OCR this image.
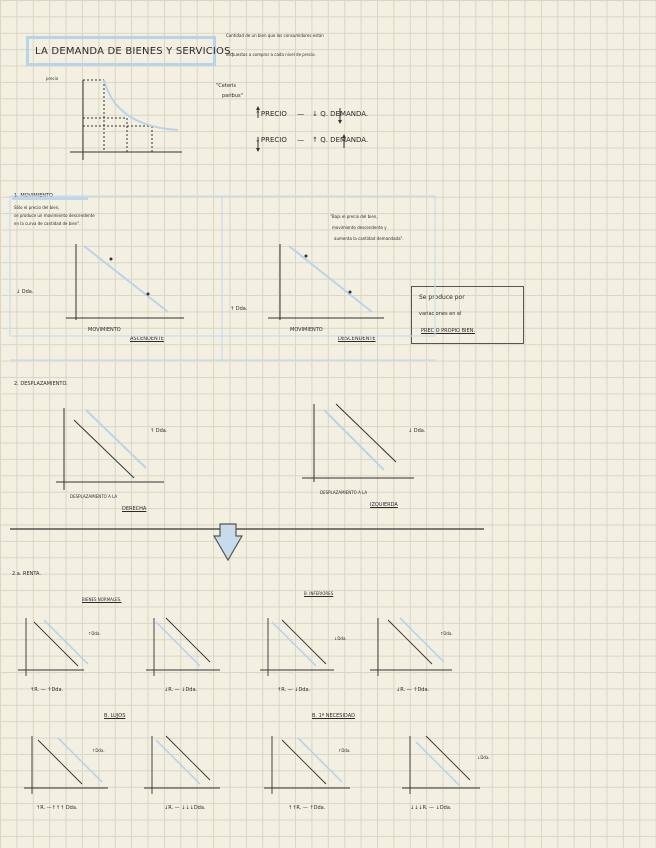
LA DEMANDA DE BIENES Y SERVICIOS.
Cantidad de un bien que los consumidores están
dispuestos a comprar a cada nivel de precio.
"Ceteris
paribus"
↑PRECIO — ↓ Q. DEMANDA.
↓PRECIO — ↑ Q. DEMANDA.
1. MOVIMIENTO
Sólo el precio del bien,
se produce un movimiento descendente
en la curva de cantidad de bien".
"Baja el precio del bien,
movimiento descendente y
aumenta la cantidad demandada".
↓ Dda.
↑ Dda.
MOVIMIENTO
ASCENDENTE
MOVIMIENTO
DESCENDENTE
Se produce por
variaciones en el
PRECIO PROPIO BIEN.
2. DESPLAZAMIENTO.
↑ Dda.	↓ Dda.
DESPLAZAMIENTO A LA
DERECHA
DESPLAZAMIENTO A LA
IZQUIERDA
2.a. RENTA.
BIENES NORMALES.
B. INFERIORES
B. LUJOS	B. 1ª NECESIDAD
↑R. — ↑Dda.	↓R. — ↓Dda.	↑R. — ↓Dda.	↓R. — ↑Dda.
↑R. —↑↑↑ Dda.	↓R. — ↓↓↓Dda.	↑↑R. — ↑Dda.	↓↓↓R. — ↓Dda.
↑Dda.
↓Dda.
↑Dda.
↑Dda.	↑Dda.
↓Dda.
precio
